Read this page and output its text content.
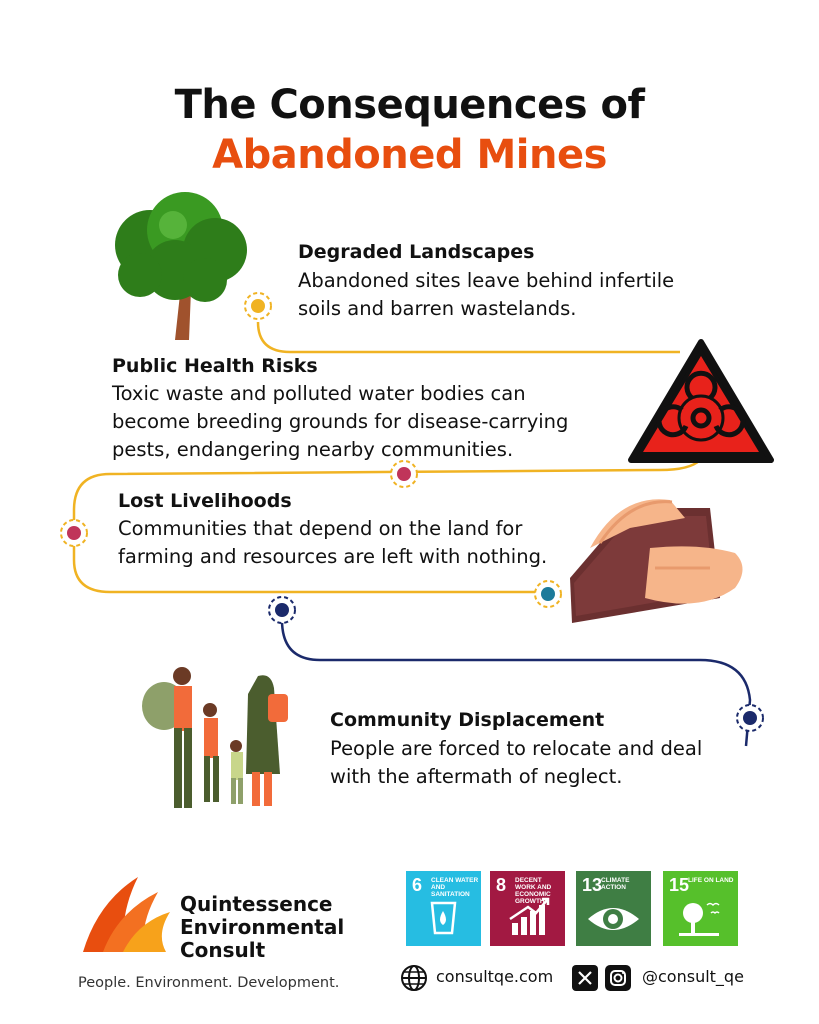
The Consequences of
Abandoned Mines
Degraded Landscapes
Abandoned sites leave behind infertile
soils and barren wastelands.
Public Health Risks
Toxic waste and polluted water bodies can
become breeding grounds for disease-carrying
pests, endangering nearby communities.
Lost Livelihoods
Communities that depend on the land for
farming and resources are left with nothing.
Community Displacement
People are forced to relocate and deal
with the aftermath of neglect.
Quintessence
Environmental
Consult
People. Environment. Development.
6 CLEAN WATER AND SANITATION	8 DECENT WORK AND ECONOMIC GROWTH
13
CLIMATE ACTION	15
LIFE ON LAND
consultqe.com	@consult_qe
